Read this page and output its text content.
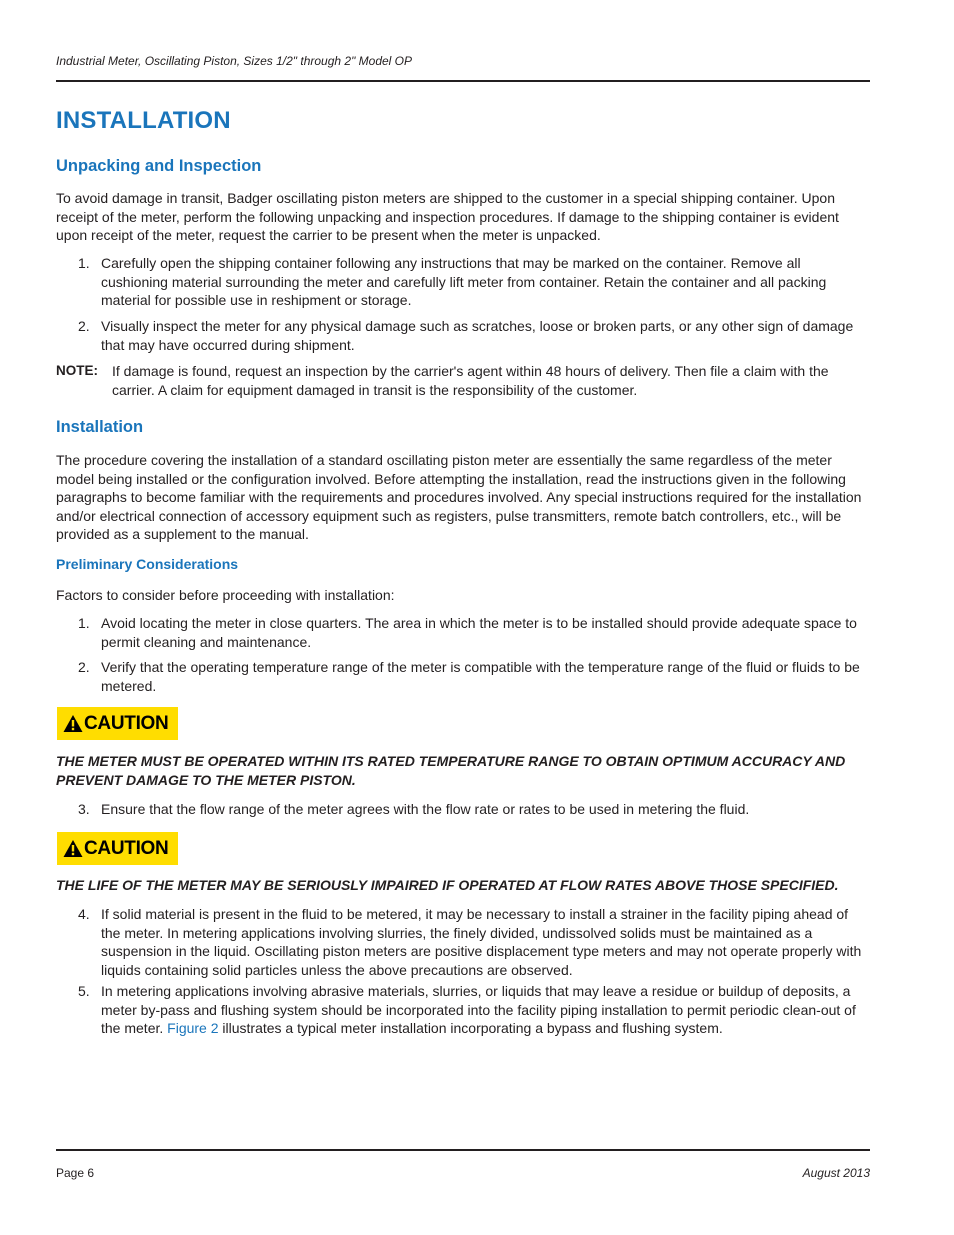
Industrial Meter, Oscillating Piston, Sizes 1/2" through 2" Model OP
INSTALLATION
Unpacking and Inspection
To avoid damage in transit, Badger oscillating piston meters are shipped to the customer in a special shipping container. Upon receipt of the meter, perform the following unpacking and inspection procedures. If damage to the shipping container is evident upon receipt of the meter, request the carrier to be present when the meter is unpacked.
1. Carefully open the shipping container following any instructions that may be marked on the container. Remove all cushioning material surrounding the meter and carefully lift meter from container. Retain the container and all packing material for possible use in reshipment or storage.
2. Visually inspect the meter for any physical damage such as scratches, loose or broken parts, or any other sign of damage that may have occurred during shipment.
NOTE: If damage is found, request an inspection by the carrier's agent within 48 hours of delivery. Then file a claim with the carrier. A claim for equipment damaged in transit is the responsibility of the customer.
Installation
The procedure covering the installation of a standard oscillating piston meter are essentially the same regardless of the meter model being installed or the configuration involved. Before attempting the installation, read the instructions given in the following paragraphs to become familiar with the requirements and procedures involved. Any special instructions required for the installation and/or electrical connection of accessory equipment such as registers, pulse transmitters, remote batch controllers, etc., will be provided as a supplement to the manual.
Preliminary Considerations
Factors to consider before proceeding with installation:
1. Avoid locating the meter in close quarters. The area in which the meter is to be installed should provide adequate space to permit cleaning and maintenance.
2. Verify that the operating temperature range of the meter is compatible with the temperature range of the fluid or fluids to be metered.
CAUTION
THE METER MUST BE OPERATED WITHIN ITS RATED TEMPERATURE RANGE TO OBTAIN OPTIMUM ACCURACY AND PREVENT DAMAGE TO THE METER PISTON.
3. Ensure that the flow range of the meter agrees with the flow rate or rates to be used in metering the fluid.
CAUTION
THE LIFE OF THE METER MAY BE SERIOUSLY IMPAIRED IF OPERATED AT FLOW RATES ABOVE THOSE SPECIFIED.
4. If solid material is present in the fluid to be metered, it may be necessary to install a strainer in the facility piping ahead of the meter. In metering applications involving slurries, the finely divided, undissolved solids must be maintained as a suspension in the liquid. Oscillating piston meters are positive displacement type meters and may not operate properly with liquids containing solid particles unless the above precautions are observed.
5. In metering applications involving abrasive materials, slurries, or liquids that may leave a residue or buildup of deposits, a meter by-pass and flushing system should be incorporated into the facility piping installation to permit periodic clean-out of the meter. Figure 2 illustrates a typical meter installation incorporating a bypass and flushing system.
Page 6	August 2013
